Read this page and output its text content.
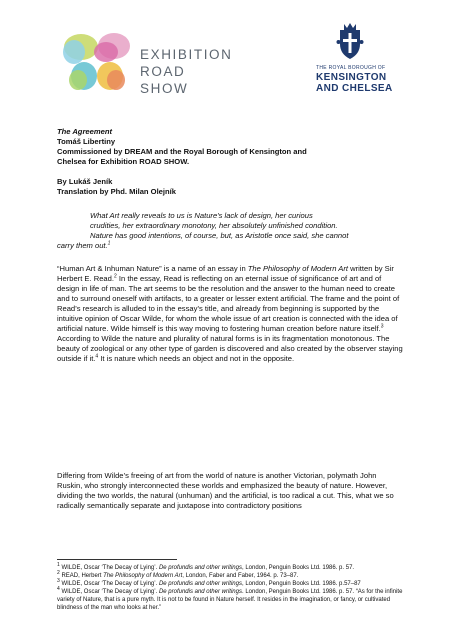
EXHIBITION
ROAD SHOW
THE ROYAL BOROUGH OF
KENSINGTON
AND CHELSEA
The Agreement
Tomáš Libertiny
Commissioned by DREAM and the Royal Borough of Kensington and
Chelsea for Exhibition ROAD SHOW.
By Lukáš Jeník
Translation by Phd. Milan Olejník
What Art really reveals to us is Nature's lack of design, her curious
crudities, her extraordinary monotony, her absolutely unfinished condition.
Nature has good intentions, of course, but, as Aristotle once said, she cannot
carry them out.$^1$

“Human Art & Inhuman Nature” is a name of an essay in The Philosophy of Modern Art written by Sir Herbert E. Read.$^2$ In the essay, Read is reflecting on an eternal issue of significance of art and of design in life of man. The art seems to be the resolution and the answer to the human need to create and to surround oneself with artifacts, to a greater or lesser extent artificial. The frame and the point of Read’s research is alluded to in the essay’s title, and already from beginning is supported by the intuitive opinion of Oscar Wilde, for whom the whole issue of art creation is connected with the idea of artificial nature. Wilde himself is this way moving to fostering human creation before nature itself.$^3$ According to Wilde the nature and plurality of natural forms is in its fragmentation monotonous. The beauty of zoological or any other type of garden is discovered and also created by the observer staying outside if it.$^4$ It is nature which needs an object and not in the opposite.

Differing from Wilde’s freeing of art from the world of nature is another Victorian, polymath John Ruskin, who strongly interconnected these worlds and emphasized the beauty of nature. However, dividing the two worlds, the natural (unhuman) and the artificial, is too radical a cut. This, what we so radically semantically separate and juxtapose into contradictory positions

$^1$ WILDE, Oscar ‘The Decay of Lying’. De profundis and other writings, London, Penguin Books Ltd. 1986. p. 57.
$^2$ READ, Herbert The Philosophy of Modern Art, London, Faber and Faber, 1964. p. 73–87.
$^3$ WILDE, Oscar ‘The Decay of Lying’. De profundis and other writings, London, Penguin Books Ltd. 1986. p.57–87
$^4$ WILDE, Oscar ‘The Decay of Lying’. De profundis and other writings. London, Penguin Books Ltd. 1986. p. 57. “As for the infinite variety of Nature, that is a pure myth. It is not to be found in Nature herself. It resides in the imagination, or fancy, or cultivated blindness of the man who looks at her.”
